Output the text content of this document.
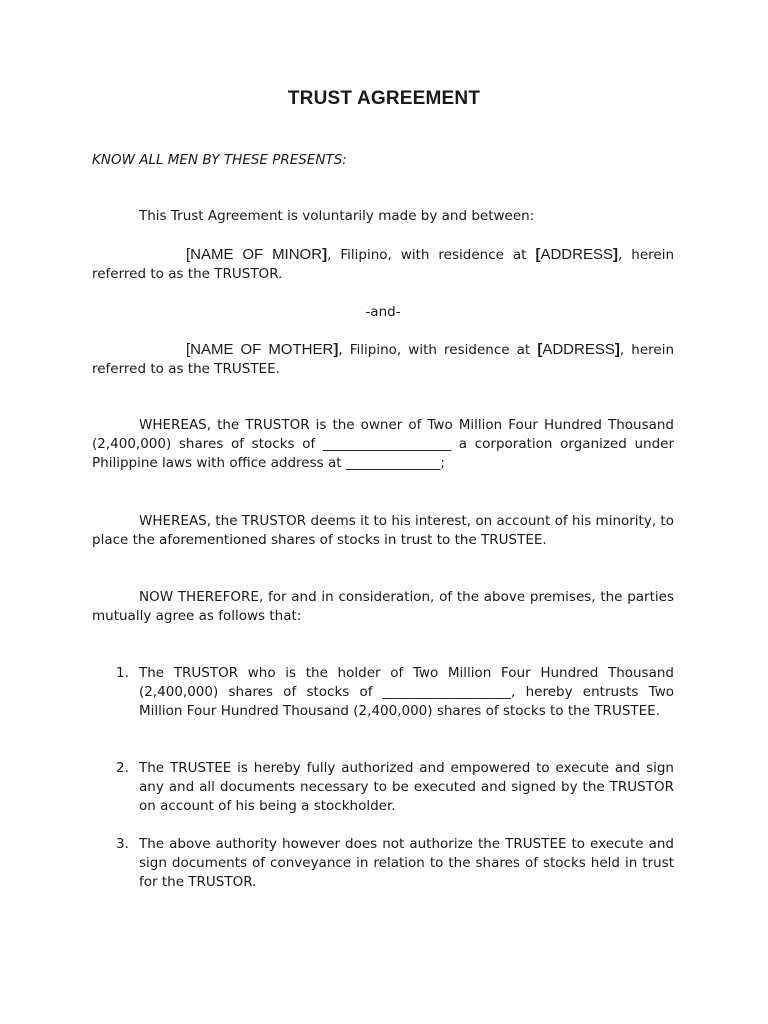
TRUST AGREEMENT
KNOW ALL MEN BY THESE PRESENTS:
This Trust Agreement is voluntarily made by and between:
[NAME OF MINOR], Filipino, with residence at [ADDRESS], herein referred to as the TRUSTOR.
-and-
[NAME OF MOTHER], Filipino, with residence at [ADDRESS], herein referred to as the TRUSTEE.
WHEREAS, the TRUSTOR is the owner of Two Million Four Hundred Thousand (2,400,000) shares of stocks of ___________________ a corporation organized under Philippine laws with office address at ______________;
WHEREAS, the TRUSTOR deems it to his interest, on account of his minority, to place the aforementioned shares of stocks in trust to the TRUSTEE.
NOW THEREFORE, for and in consideration, of the above premises, the parties mutually agree as follows that:
1. The TRUSTOR who is the holder of Two Million Four Hundred Thousand (2,400,000) shares of stocks of ___________________, hereby entrusts Two Million Four Hundred Thousand (2,400,000) shares of stocks to the TRUSTEE.
2. The TRUSTEE is hereby fully authorized and empowered to execute and sign any and all documents necessary to be executed and signed by the TRUSTOR on account of his being a stockholder.
3. The above authority however does not authorize the TRUSTEE to execute and sign documents of conveyance in relation to the shares of stocks held in trust for the TRUSTOR.
